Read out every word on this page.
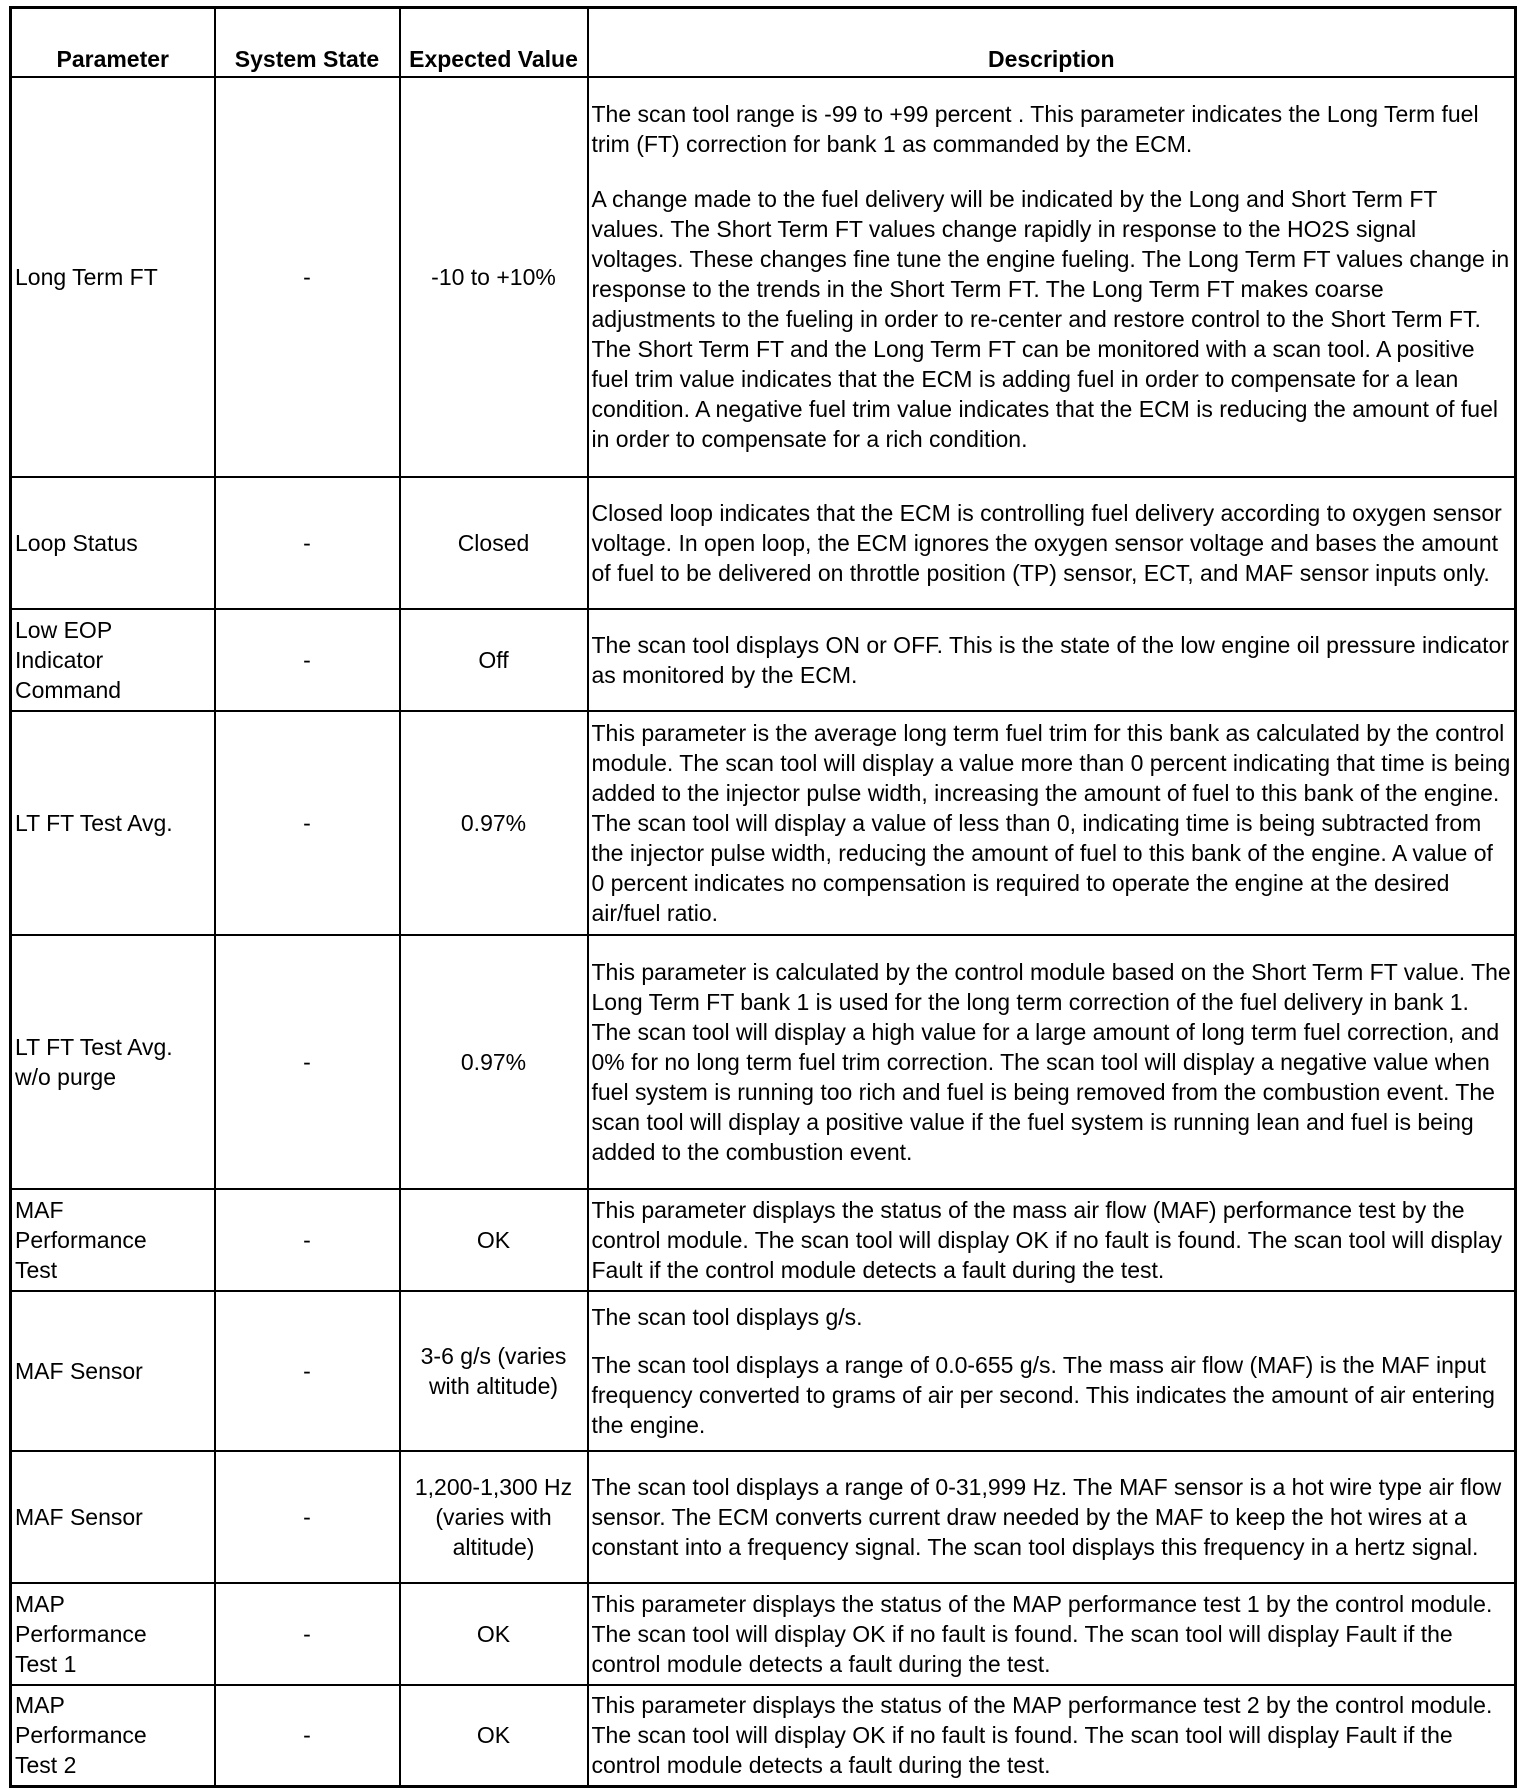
Parameter	System State	Expected Value	Description
Long Term FT	-	-10 to +10%	The scan tool range is -99 to +99 percent . This parameter indicates the Long Term fuel trim (FT) correction for bank 1 as commanded by the ECM.

A change made to the fuel delivery will be indicated by the Long and Short Term FT values. The Short Term FT values change rapidly in response to the HO2S signal voltages. These changes fine tune the engine fueling. The Long Term FT values change in response to the trends in the Short Term FT. The Long Term FT makes coarse adjustments to the fueling in order to re-center and restore control to the Short Term FT. The Short Term FT and the Long Term FT can be monitored with a scan tool. A positive fuel trim value indicates that the ECM is adding fuel in order to compensate for a lean condition. A negative fuel trim value indicates that the ECM is reducing the amount of fuel in order to compensate for a rich condition.

Loop Status	-	Closed	Closed loop indicates that the ECM is controlling fuel delivery according to oxygen sensor voltage. In open loop, the ECM ignores the oxygen sensor voltage and bases the amount of fuel to be delivered on throttle position (TP) sensor, ECT, and MAF sensor inputs only.

Low EOP Indicator Command	-	Off	The scan tool displays ON or OFF. This is the state of the low engine oil pressure indicator as monitored by the ECM.

LT FT Test Avg.	-	0.97%	This parameter is the average long term fuel trim for this bank as calculated by the control module. The scan tool will display a value more than 0 percent indicating that time is being added to the injector pulse width, increasing the amount of fuel to this bank of the engine. The scan tool will display a value of less than 0, indicating time is being subtracted from the injector pulse width, reducing the amount of fuel to this bank of the engine. A value of 0 percent indicates no compensation is required to operate the engine at the desired air/fuel ratio.

LT FT Test Avg. w/o purge	-	0.97%	This parameter is calculated by the control module based on the Short Term FT value. The Long Term FT bank 1 is used for the long term correction of the fuel delivery in bank 1. The scan tool will display a high value for a large amount of long term fuel correction, and 0% for no long term fuel trim correction. The scan tool will display a negative value when fuel system is running too rich and fuel is being removed from the combustion event. The scan tool will display a positive value if the fuel system is running lean and fuel is being added to the combustion event.

MAF Performance Test	-	OK	This parameter displays the status of the mass air flow (MAF) performance test by the control module. The scan tool will display OK if no fault is found. The scan tool will display Fault if the control module detects a fault during the test.

MAF Sensor	-	3-6 g/s (varies with altitude)	The scan tool displays g/s.

The scan tool displays a range of 0.0-655 g/s. The mass air flow (MAF) is the MAF input frequency converted to grams of air per second. This indicates the amount of air entering the engine.

MAF Sensor	-	1,200-1,300 Hz (varies with altitude)	The scan tool displays a range of 0-31,999 Hz. The MAF sensor is a hot wire type air flow sensor. The ECM converts current draw needed by the MAF to keep the hot wires at a constant into a frequency signal. The scan tool displays this frequency in a hertz signal.

MAP Performance Test 1	-	OK	This parameter displays the status of the MAP performance test 1 by the control module. The scan tool will display OK if no fault is found. The scan tool will display Fault if the control module detects a fault during the test.

MAP Performance Test 2	-	OK	This parameter displays the status of the MAP performance test 2 by the control module. The scan tool will display OK if no fault is found. The scan tool will display Fault if the control module detects a fault during the test.
